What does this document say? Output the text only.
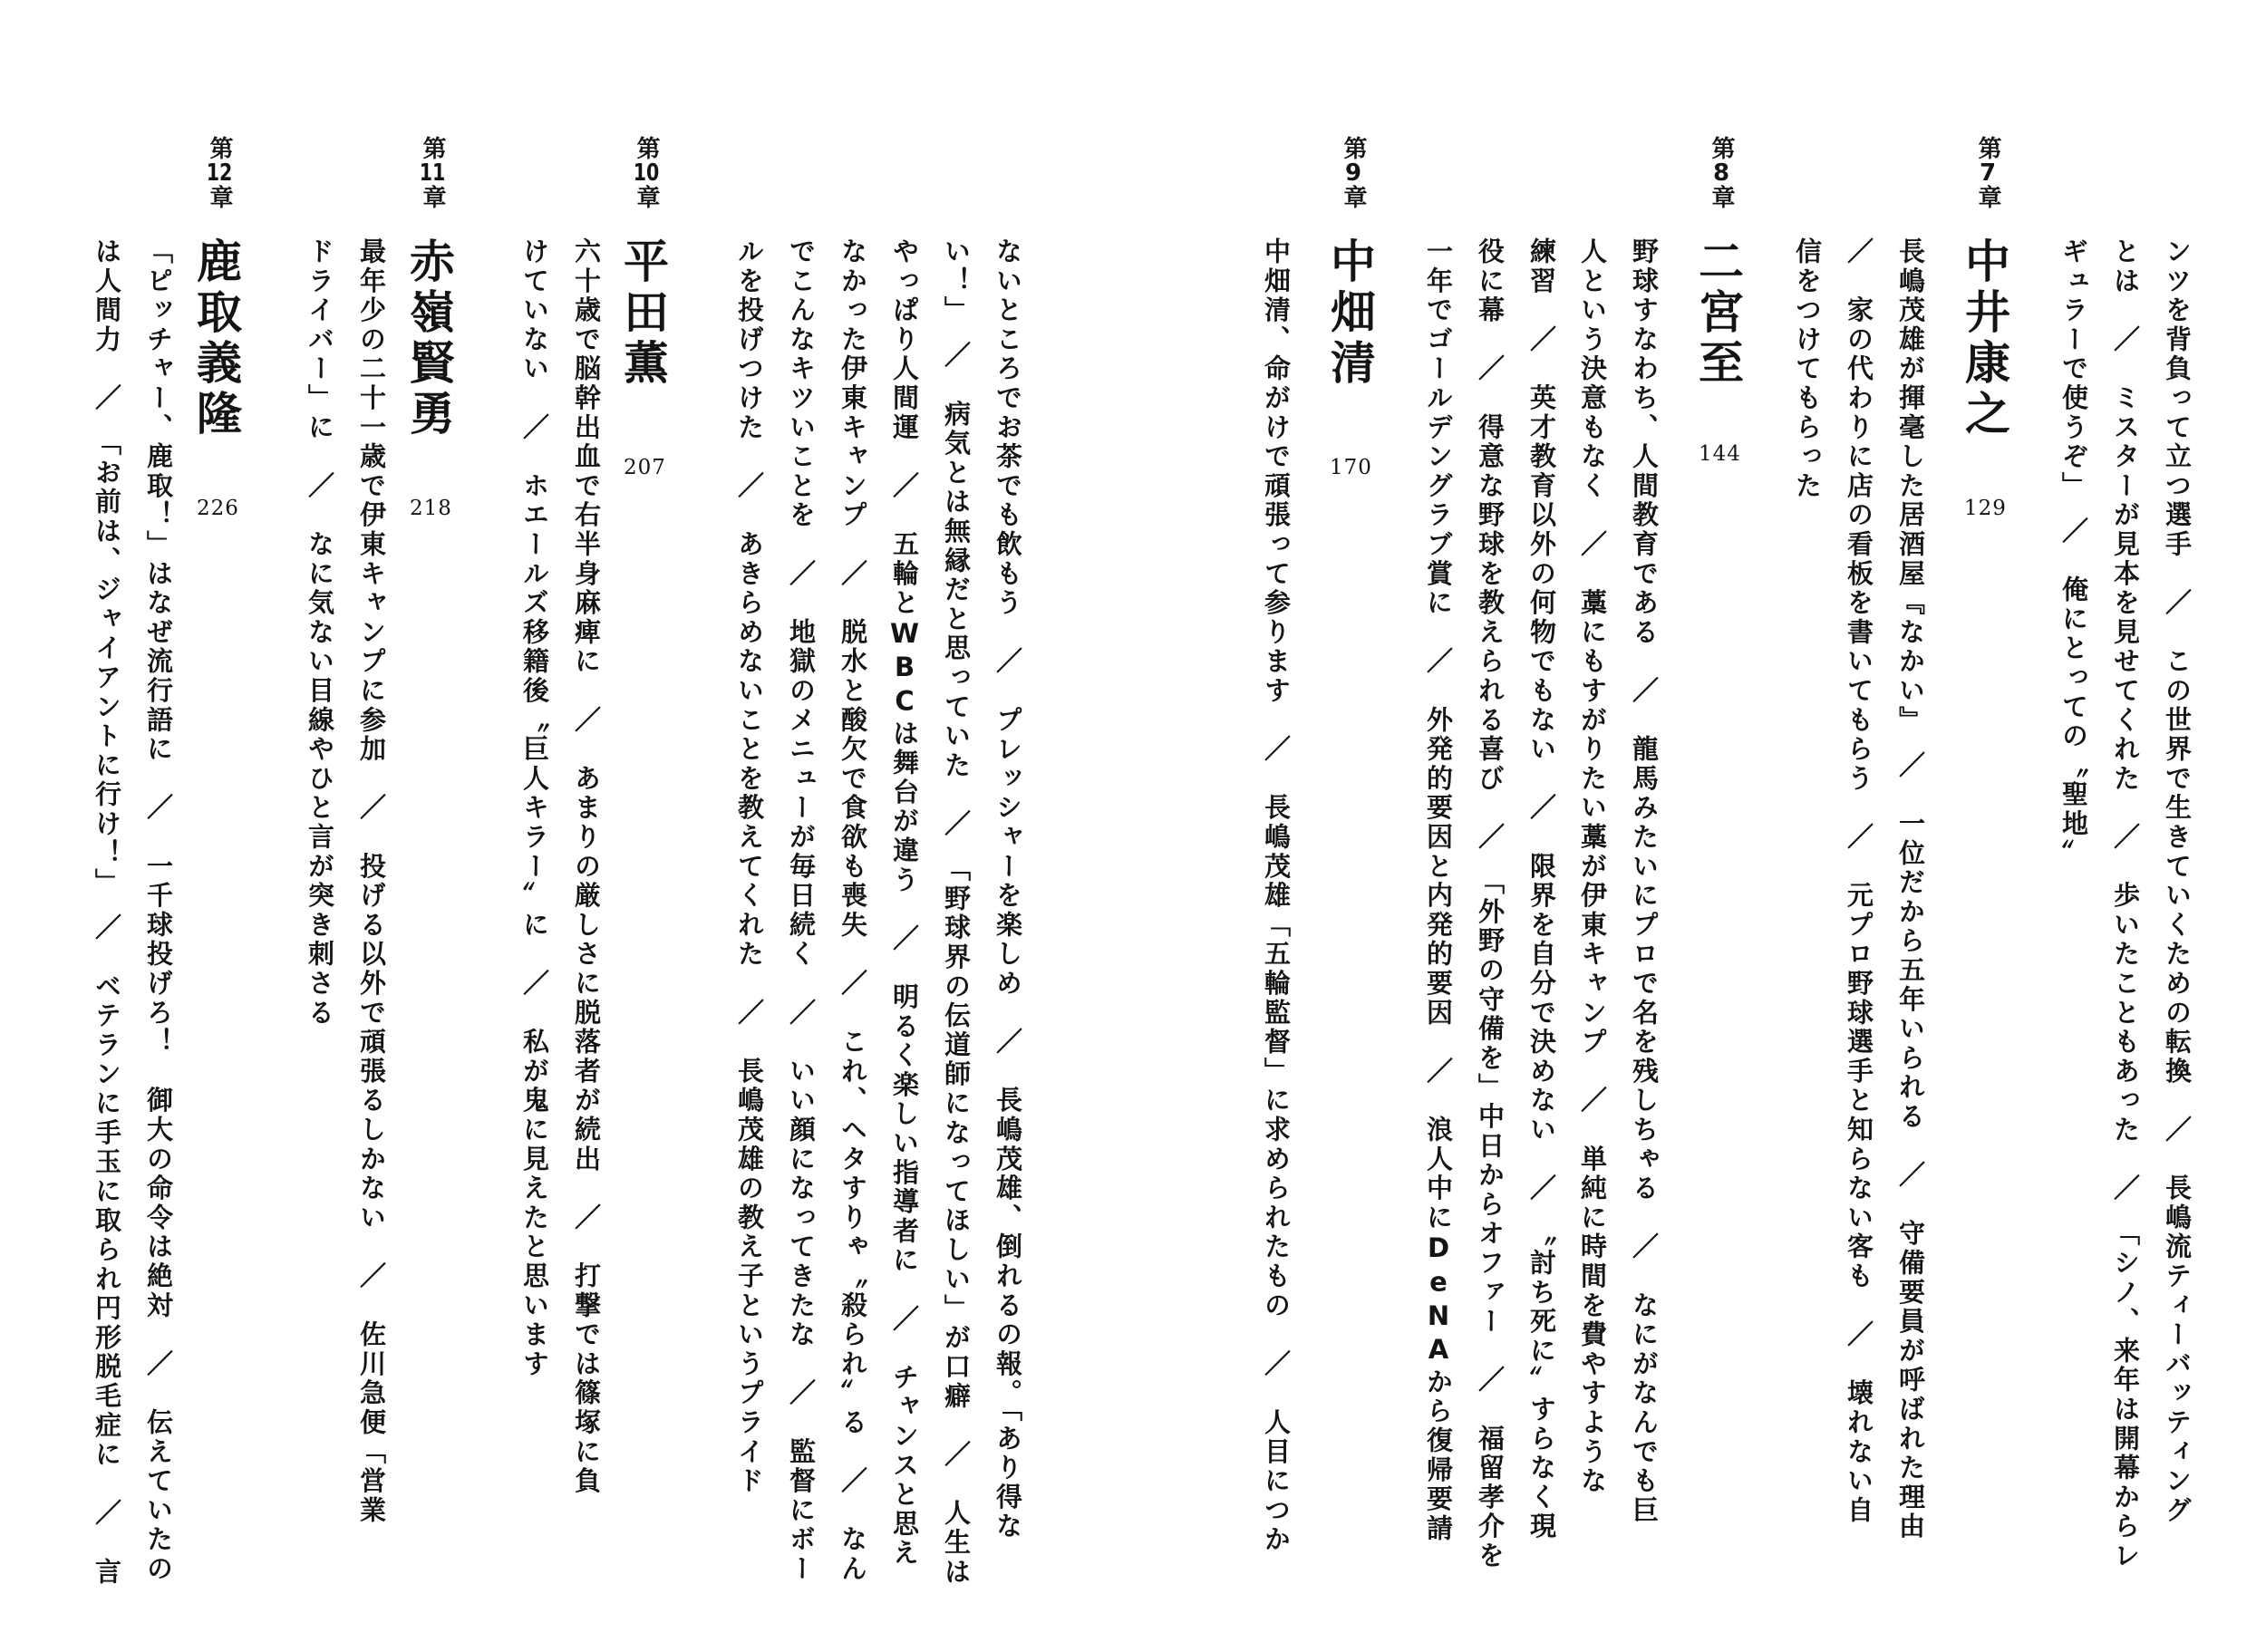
ンツを背負って立つ選手　／　この世界で生きていくための転換　／　長嶋流ティーバッティング
とは　／　ミスターが見本を見せてくれた　／　歩いたこともあった　／　「シノ、来年は開幕からレ
ギュラーで使うぞ」　／　俺にとっての〝聖地〟
長嶋茂雄が揮毫した居酒屋『なかい』　／　一位だから五年いられる　／　守備要員が呼ばれた理由
／　家の代わりに店の看板を書いてもらう　／　元プロ野球選手と知らない客も　／　壊れない自
信をつけてもらった
野球すなわち、人間教育である　／　龍馬みたいにプロで名を残しちゃる　／　なにがなんでも巨
人という決意もなく　／　藁にもすがりたい藁が伊東キャンプ　／　単純に時間を費やすような
練習　／　英才教育以外の何物でもない　／　限界を自分で決めない　／　〝討ち死に〟すらなく現
役に幕　／　得意な野球を教えられる喜び　／　「外野の守備を」中日からオファー　／　福留孝介を
一年でゴールデングラブ賞に　／　外発的要因と内発的要因　／　浪人中にDeNAから復帰要請
中畑清、命がけで頑張って参ります　／　長嶋茂雄「五輪監督」に求められたもの　／　人目につか
ないところでお茶でも飲もう　／　プレッシャーを楽しめ　／　長嶋茂雄、倒れるの報。「あり得な
い！」　／　病気とは無縁だと思っていた　／　「野球界の伝道師になってほしい」が口癖　／　人生は
やっぱり人間運　／　五輪とWBCは舞台が違う　／　明るく楽しい指導者に　／　チャンスと思え
なかった伊東キャンプ　／　脱水と酸欠で食欲も喪失　／　これ、ヘタすりゃ〝殺られ〟る　／　なん
でこんなキツいことを　／　地獄のメニューが毎日続く　／　いい顔になってきたな　／　監督にボー
ルを投げつけた　／　あきらめないことを教えてくれた　／　長嶋茂雄の教え子というプライド
六十歳で脳幹出血で右半身麻痺に　／　あまりの厳しさに脱落者が続出　／　打撃では篠塚に負
けていない　／　ホエールズ移籍後〝巨人キラー〟に　／　私が鬼に見えたと思います
最年少の二十一歳で伊東キャンプに参加　／　投げる以外で頑張るしかない　／　佐川急便「営業
ドライバー」に　／　なに気ない目線やひと言が突き刺さる
「ピッチャー、鹿取！」はなぜ流行語に　／　一千球投げろ！　御大の命令は絶対　／　伝えていたの
は人間力　／　「お前は、ジャイアントに行け！」　／　ベテランに手玉に取られ円形脱毛症に　／　言
第7章
中井康之
129
第8章
二宮至
144
第9章
中畑清
170
第10章
平田薫
207
第11章
赤嶺賢勇
218
第12章
鹿取義隆
226
